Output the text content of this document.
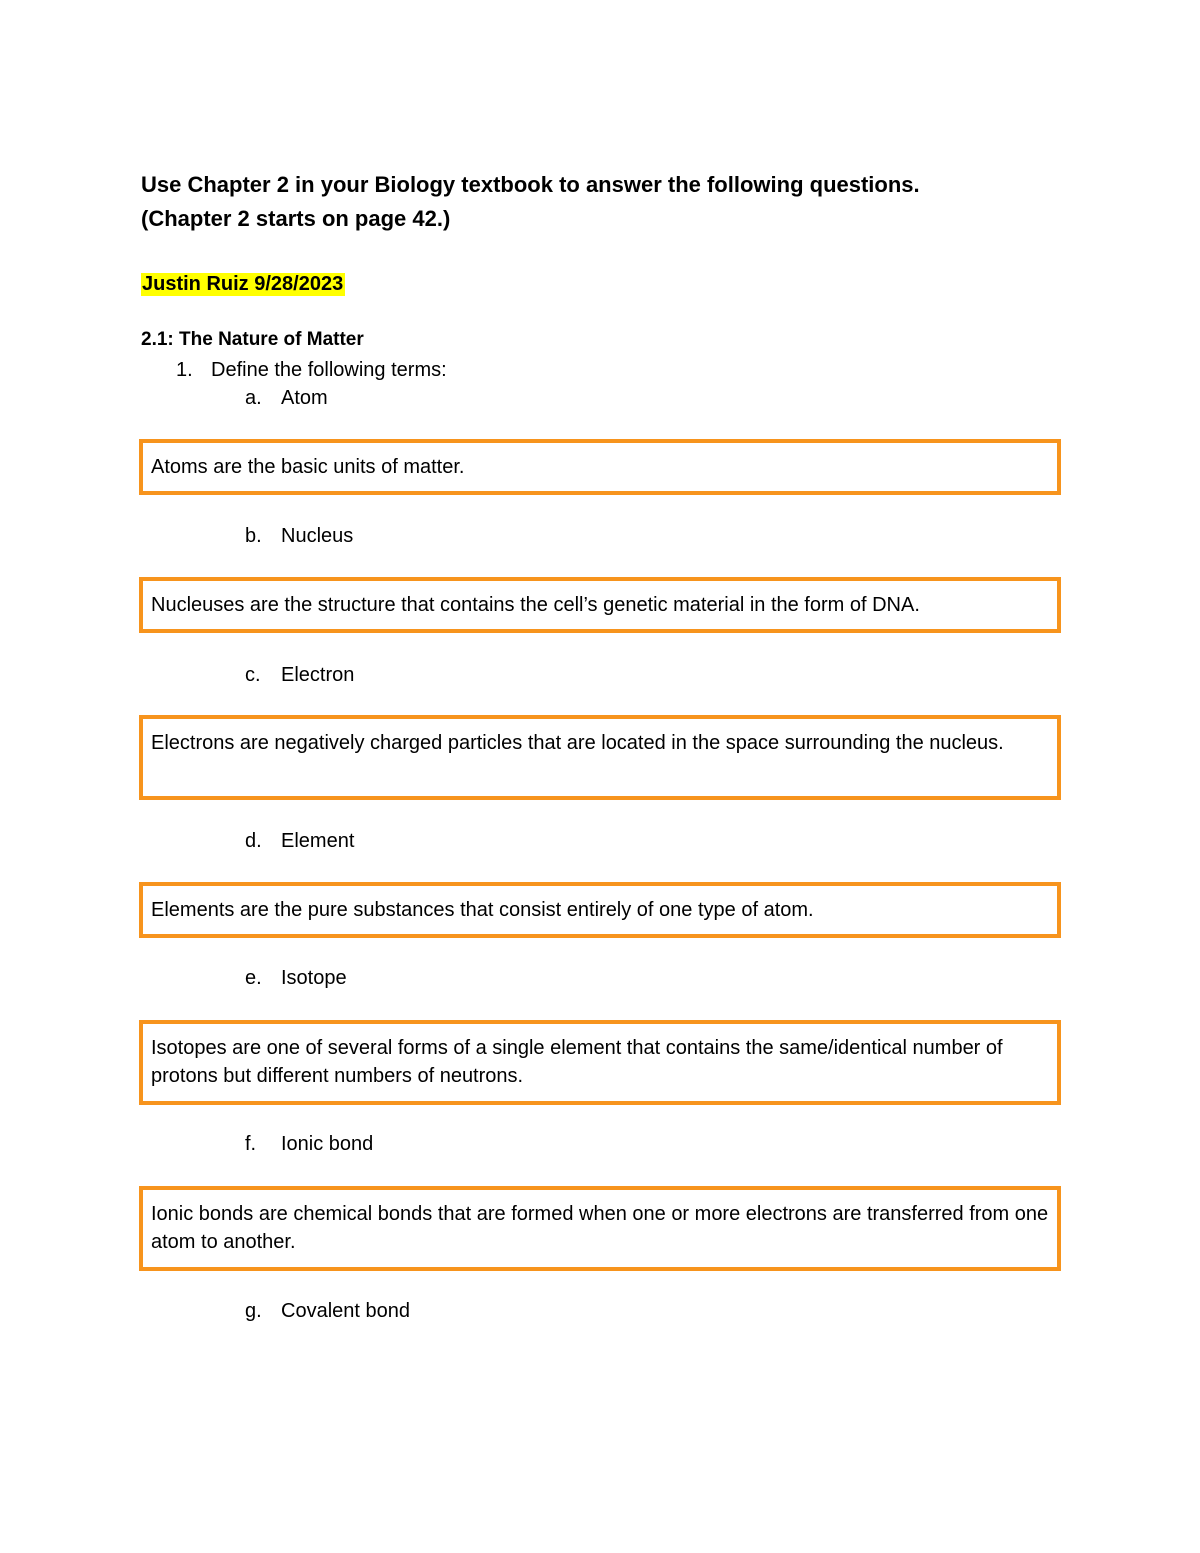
Use Chapter 2 in your Biology textbook to answer the following questions.
(Chapter 2 starts on page 42.)
Justin Ruiz 9/28/2023
2.1: The Nature of Matter
1. Define the following terms:
a. Atom
Atoms are the basic units of matter.
b. Nucleus
Nucleuses are the structure that contains the cell’s genetic material in the form of DNA.
c. Electron
Electrons are negatively charged particles that are located in the space surrounding the nucleus.
d. Element
Elements are the pure substances that consist entirely of one type of atom.
e. Isotope
Isotopes are one of several forms of a single element that contains the same/identical number of protons but different numbers of neutrons.
f. Ionic bond
Ionic bonds are chemical bonds that are formed when one or more electrons are transferred from one atom to another.
g. Covalent bond
